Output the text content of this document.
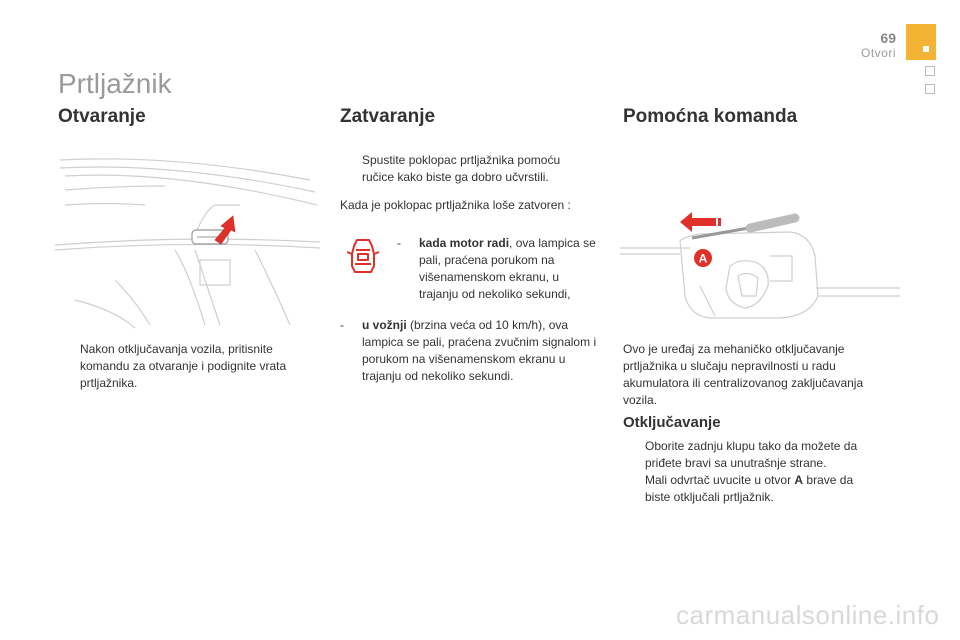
69
Otvori
Prtljažnik
Otvaranje
Nakon otključavanja vozila, pritisnite komandu za otvaranje i podignite vrata prtljažnika.
Zatvaranje
Spustite poklopac prtljažnika pomoću ručice kako biste ga dobro učvrstili.
Kada je poklopac prtljažnika loše zatvoren :
- kada motor radi, ova lampica se pali, praćena porukom na višenamenskom ekranu, u trajanju od nekoliko sekundi,
- u vožnji (brzina veća od 10 km/h), ova lampica se pali, praćena zvučnim signalom i porukom na višenamenskom ekranu u trajanju od nekoliko sekundi.
Pomoćna komanda
A
Ovo je uređaj za mehaničko otključavanje prtljažnika u slučaju nepravilnosti u radu akumulatora ili centralizovanog zaključavanja vozila.
Otključavanje
Oborite zadnju klupu tako da možete da priđete bravi sa unutrašnje strane.
Mali odvrtač uvucite u otvor A brave da biste otključali prtljažnik.
carmanualsonline.info
